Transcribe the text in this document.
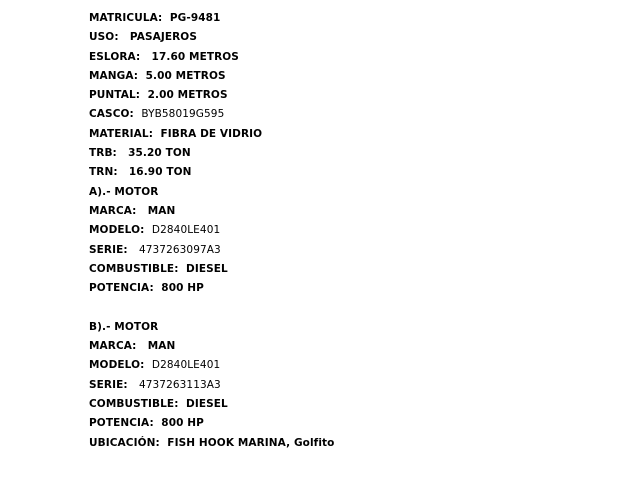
MATRICULA:  PG-9481
USO:   PASAJEROS
ESLORA:   17.60 METROS
MANGA:  5.00 METROS
PUNTAL:  2.00 METROS
CASCO:  BYB58019G595
MATERIAL:  FIBRA DE VIDRIO
TRB:   35.20 TON
TRN:   16.90 TON
A).- MOTOR
MARCA:   MAN
MODELO:  D2840LE401
SERIE:   4737263097A3
COMBUSTIBLE:  DIESEL
POTENCIA:  800 HP
B).- MOTOR
MARCA:   MAN
MODELO:  D2840LE401
SERIE:   4737263113A3
COMBUSTIBLE:  DIESEL
POTENCIA:  800 HP
UBICACIÓN:  FISH HOOK MARINA, Golfito
